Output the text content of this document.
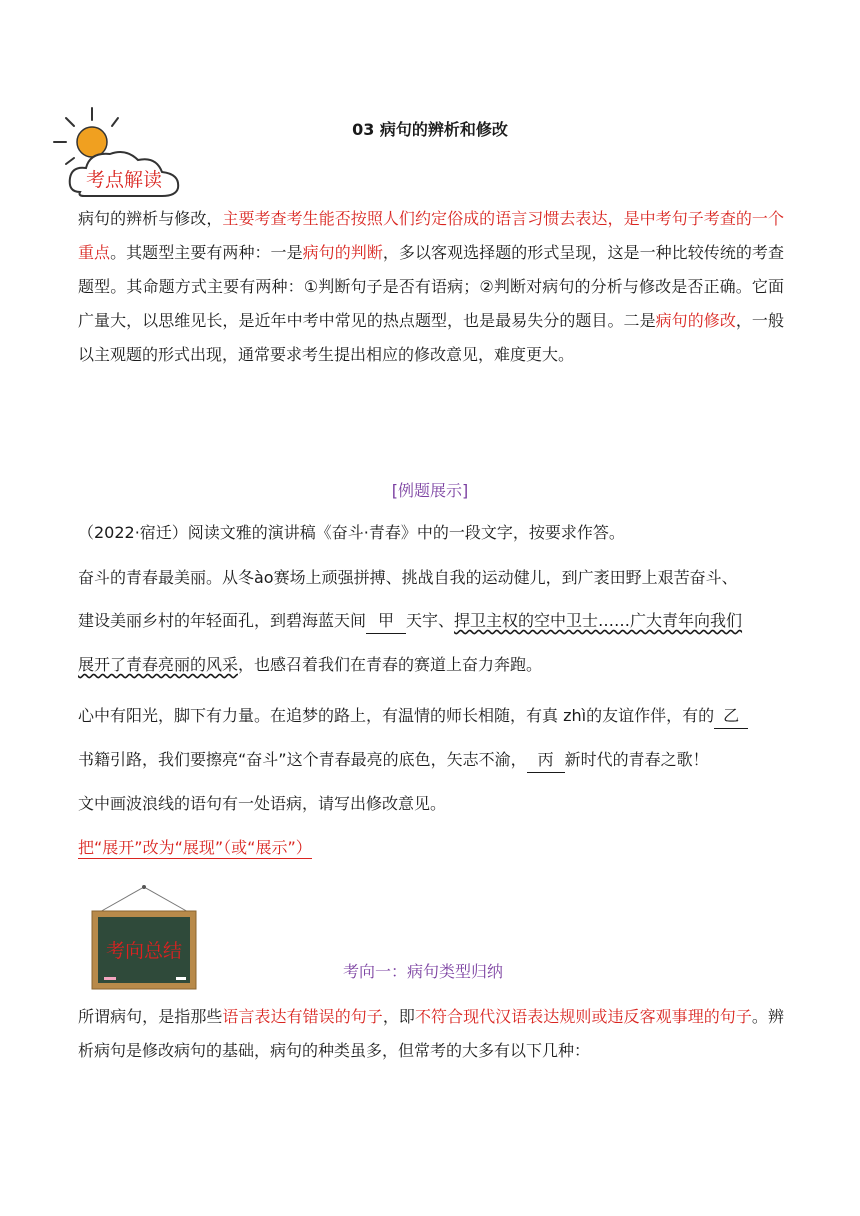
考点解读
03 病句的辨析和修改
病句的辨析与修改，主要考查考生能否按照人们约定俗成的语言习惯去表达，是中考句子考查的一个重点。其题型主要有两种：一是病句的判断，多以客观选择题的形式呈现，这是一种比较传统的考查题型。其命题方式主要有两种：①判断句子是否有语病；②判断对病句的分析与修改是否正确。它面广量大，以思维见长，是近年中考中常见的热点题型，也是最易失分的题目。二是病句的修改，一般以主观题的形式出现，通常要求考生提出相应的修改意见，难度更大。
[例题展示]
（2022·宿迁）阅读文雅的演讲稿《奋斗·青春》中的一段文字，按要求作答。
奋斗的青春最美丽。从冬ào赛场上顽强拼搏、挑战自我的运动健儿，到广袤田野上艰苦奋斗、
建设美丽乡村的年轻面孔，到碧海蓝天间 甲 天宇、捍卫主权的空中卫士……广大青年向我们
展开了青春亮丽的风采，也感召着我们在青春的赛道上奋力奔跑。
心中有阳光，脚下有力量。在追梦的路上，有温情的师长相随，有真 zhì的友谊作伴，有的 乙
书籍引路，我们要擦亮“奋斗”这个青春最亮的底色，矢志不渝， 丙 新时代的青春之歌！
文中画波浪线的语句有一处语病，请写出修改意见。
把“展开”改为“展现”（或“展示”）
考向总结
考向一：病句类型归纳
所谓病句，是指那些语言表达有错误的句子，即不符合现代汉语表达规则或违反客观事理的句子。辨析病句是修改病句的基础，病句的种类虽多，但常考的大多有以下几种：
